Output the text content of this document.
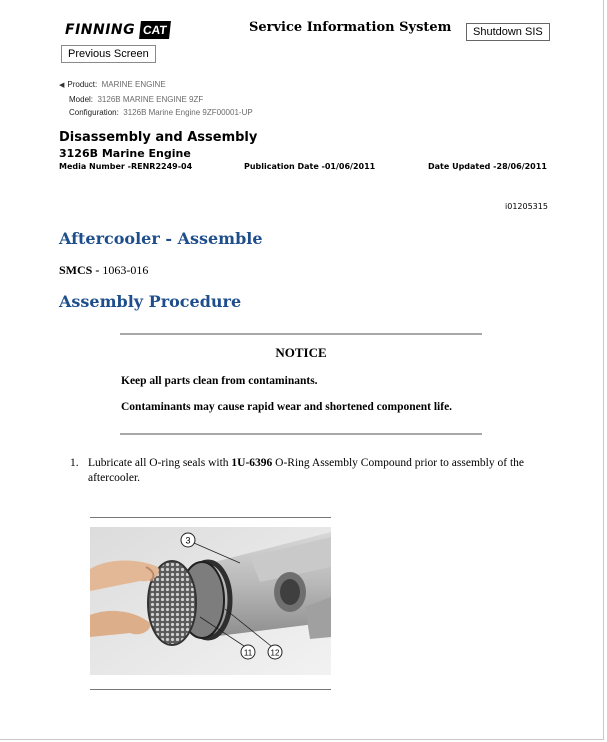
FINNING CAT	Service Information System	Shutdown SIS
Previous Screen
◀ Product: MARINE ENGINE
Model: 3126B MARINE ENGINE 9ZF
Configuration: 3126B Marine Engine 9ZF00001-UP
Disassembly and Assembly
3126B Marine Engine
Media Number -RENR2249-04	Publication Date -01/06/2011	Date Updated -28/06/2011
i01205315
Aftercooler - Assemble
SMCS - 1063-016
Assembly Procedure
NOTICE
Keep all parts clean from contaminants.
Contaminants may cause rapid wear and shortened component life.
1. Lubricate all O-ring seals with 1U-6396 O-Ring Assembly Compound prior to assembly of the aftercooler.
3
11 12
